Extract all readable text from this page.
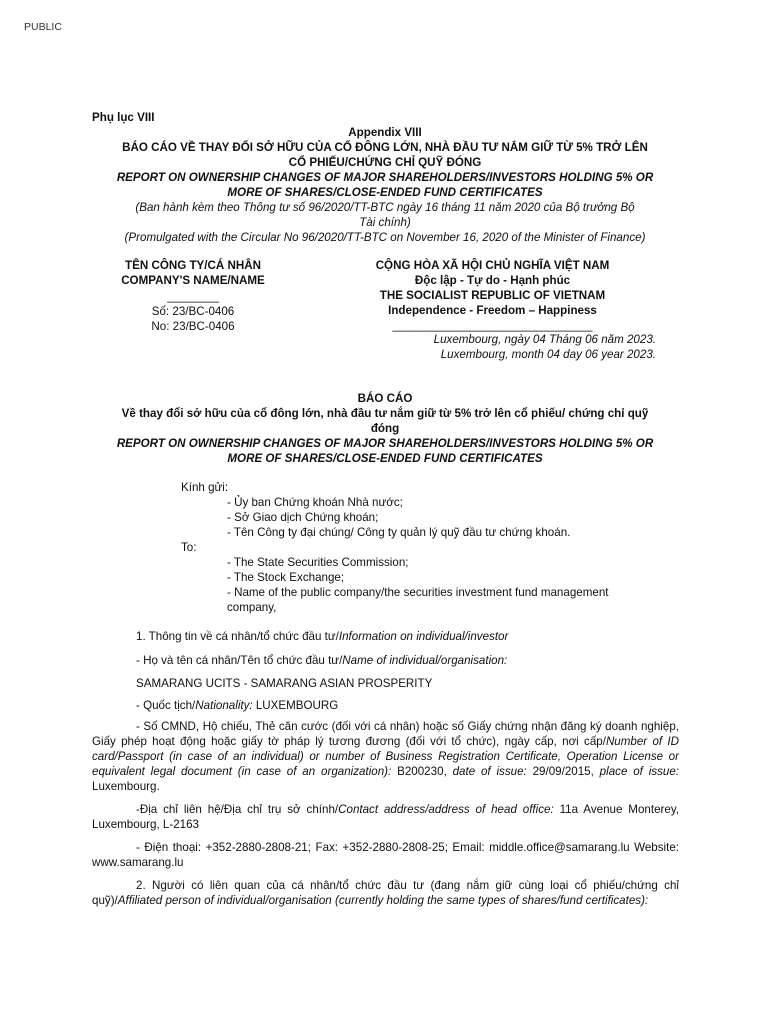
PUBLIC
Phụ lục VIII
Appendix VIII
BÁO CÁO VỀ THAY ĐỔI SỞ HỮU CỦA CỔ ĐÔNG LỚN, NHÀ ĐẦU TƯ NẮM GIỮ TỪ 5% TRỞ LÊN
CỔ PHIẾU/CHỨNG CHỈ QUỸ ĐÓNG
REPORT ON OWNERSHIP CHANGES OF MAJOR SHAREHOLDERS/INVESTORS HOLDING 5% OR
MORE OF SHARES/CLOSE-ENDED FUND CERTIFICATES
(Ban hành kèm theo Thông tư số 96/2020/TT-BTC ngày 16 tháng 11 năm 2020 của Bộ trưởng Bộ
Tài chính)
(Promulgated with the Circular No 96/2020/TT-BTC on November 16, 2020 of the Minister of Finance)
TÊN CÔNG TY/CÁ NHÂN
COMPANY'S NAME/NAME
________
Số: 23/BC-0406
No: 23/BC-0406
CỘNG HÒA XÃ HỘI CHỦ NGHĨA VIỆT NAM
Độc lập - Tự do - Hạnh phúc
THE SOCIALIST REPUBLIC OF VIETNAM
Independence - Freedom – Happiness
_______________________________
Luxembourg, ngày 04 Tháng 06 năm 2023.
Luxembourg, month 04 day 06 year 2023.
BÁO CÁO
Về thay đổi sở hữu của cổ đông lớn, nhà đầu tư nắm giữ từ 5% trở lên cổ phiếu/ chứng chỉ quỹ
đóng
REPORT ON OWNERSHIP CHANGES OF MAJOR SHAREHOLDERS/INVESTORS HOLDING 5% OR
MORE OF SHARES/CLOSE-ENDED FUND CERTIFICATES
Kính gửi:
- Ủy ban Chứng khoán Nhà nước;
- Sở Giao dịch Chứng khoán;
- Tên Công ty đại chúng/ Công ty quản lý quỹ đầu tư chứng khoán.
To:
- The State Securities Commission;
- The Stock Exchange;
- Name of the public company/the securities investment fund management
company,

1. Thông tin về cá nhân/tổ chức đầu tư/Information on individual/investor

- Họ và tên cá nhân/Tên tổ chức đầu tư/Name of individual/organisation:

SAMARANG UCITS - SAMARANG ASIAN PROSPERITY

- Quốc tịch/Nationality: LUXEMBOURG

- Số CMND, Hộ chiếu, Thẻ căn cước (đối với cá nhân) hoặc số Giấy chứng nhận đăng ký doanh nghiệp, Giấy phép hoạt động hoặc giấy tờ pháp lý tương đương (đối với tổ chức), ngày cấp, nơi cấp/Number of ID card/Passport (in case of an individual) or number of Business Registration Certificate, Operation License or equivalent legal document (in case of an organization): B200230, date of issue: 29/09/2015, place of issue: Luxembourg.

-Địa chỉ liên hệ/Địa chỉ trụ sở chính/Contact address/address of head office: 11a Avenue Monterey, Luxembourg, L-2163

- Điện thoại: +352-2880-2808-21; Fax: +352-2880-2808-25; Email: middle.office@samarang.lu Website: www.samarang.lu

2. Người có liên quan của cá nhân/tổ chức đầu tư (đang nắm giữ cùng loại cổ phiếu/chứng chỉ quỹ)/Affiliated person of individual/organisation (currently holding the same types of shares/fund certificates):
